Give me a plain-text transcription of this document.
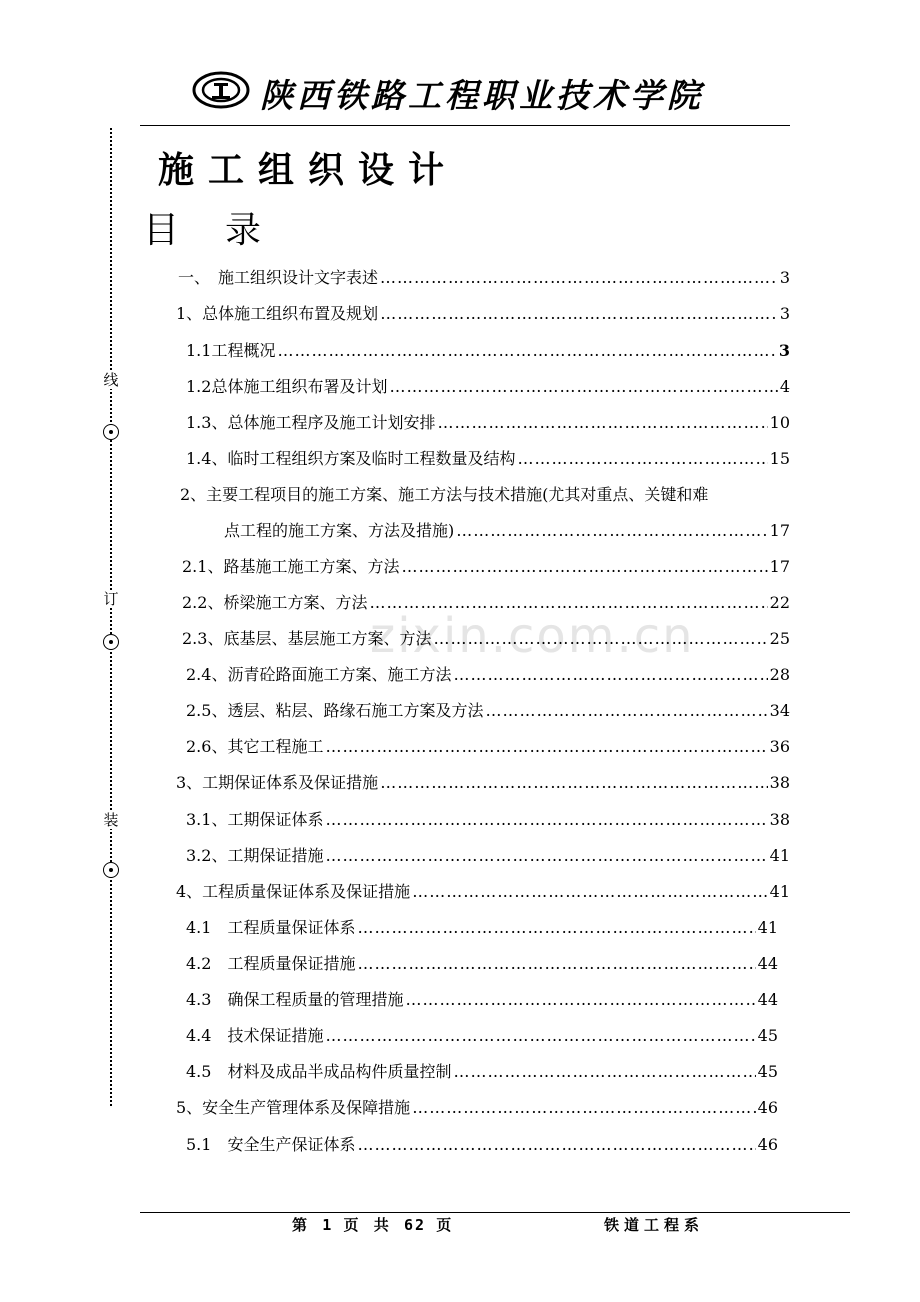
陕西铁路工程职业技术学院
线
订
装
施工组织设计
目录
zixin.com.cn
一、　施工组织设计文字表述 ……………………………………………………………………………………………………………………………………………………………………	3
1、总体施工组织布置及规划 ……………………………………………………………………………………………………………………………………………………………………	3
1.1工程概况 ……………………………………………………………………………………………………………………………………………………………………	3
1.2总体施工组织布署及计划 ……………………………………………………………………………………………………………………………………………………………………	4
1.3、总体施工程序及施工计划安排 ……………………………………………………………………………………………………………………………………………………………………	10
1.4、临时工程组织方案及临时工程数量及结构 ……………………………………………………………………………………………………………………………………………………………………	15
2、主要工程项目的施工方案、施工方法与技术措施(尤其对重点、关键和难
点工程的施工方案、方法及措施) ……………………………………………………………………………………………………………………………………………………………………	17
2.1、路基施工施工方案、方法 ……………………………………………………………………………………………………………………………………………………………………	17
2.2、桥梁施工方案、方法 ……………………………………………………………………………………………………………………………………………………………………	22
2.3、底基层、基层施工方案、方法 ……………………………………………………………………………………………………………………………………………………………………	25
2.4、沥青砼路面施工方案、施工方法 ……………………………………………………………………………………………………………………………………………………………………	28
2.5、透层、粘层、路缘石施工方案及方法 ……………………………………………………………………………………………………………………………………………………………………	34
2.6、其它工程施工 ……………………………………………………………………………………………………………………………………………………………………	36
3、工期保证体系及保证措施 ……………………………………………………………………………………………………………………………………………………………………	38
3.1、工期保证体系 ……………………………………………………………………………………………………………………………………………………………………	38
3.2、工期保证措施 ……………………………………………………………………………………………………………………………………………………………………	41
4、工程质量保证体系及保证措施 ……………………………………………………………………………………………………………………………………………………………………	41
4.1　工程质量保证体系 ……………………………………………………………………………………………………………………………………………………………………	41
4.2　工程质量保证措施 ……………………………………………………………………………………………………………………………………………………………………	44
4.3　确保工程质量的管理措施 ……………………………………………………………………………………………………………………………………………………………………	44
4.4　技术保证措施 ……………………………………………………………………………………………………………………………………………………………………	45
4.5　材料及成品半成品构件质量控制 ……………………………………………………………………………………………………………………………………………………………………	45
5、安全生产管理体系及保障措施 ……………………………………………………………………………………………………………………………………………………………………	46
5.1　安全生产保证体系 ……………………………………………………………………………………………………………………………………………………………………	46
第 1 页 共 62 页	铁道工程系
